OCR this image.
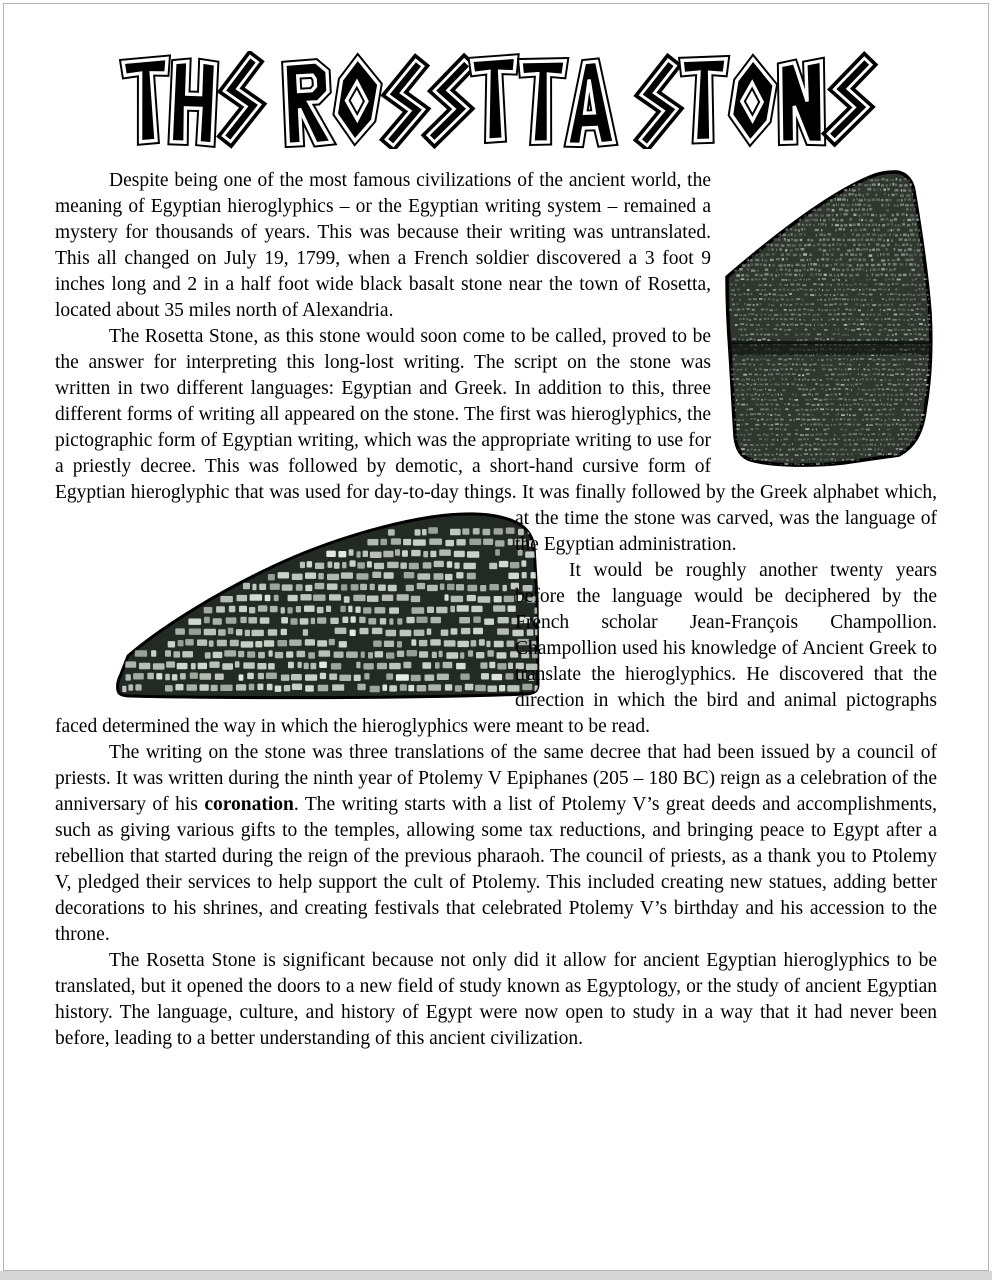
Despite being one of the most famous civilizations of the ancient world, the meaning of Egyptian hieroglyphics – or the Egyptian writing system – remained a mystery for thousands of years. This was because their writing was untranslated. This all changed on July 19, 1799, when a French soldier discovered a 3 foot 9 inches long and 2 in a half foot wide black basalt stone near the town of Rosetta, located about 35 miles north of Alexandria.

The Rosetta Stone, as this stone would soon come to be called, proved to be the answer for interpreting this long-lost writing. The script on the stone was written in two different languages: Egyptian and Greek. In addition to this, three different forms of writing all appeared on the stone. The first was hieroglyphics, the pictographic form of Egyptian writing, which was the appropriate writing to use for a priestly decree. This was followed by demotic, a short-hand cursive form of Egyptian hieroglyphic that was used for day-to-day things. It was finally followed by the Greek alphabet which, at the time the stone was
carved, was the language of the Egyptian administration.

It would be roughly another twenty years before the language would be deciphered by the French scholar Jean-François Champollion. Champollion used his knowledge of Ancient Greek to translate the hieroglyphics. He discovered that the direction in which the bird and animal pictographs faced determined the way in which the hieroglyphics were meant to be read.

The writing on the stone was three translations of the same decree that had been issued by a council of priests. It was written during the ninth year of Ptolemy V Epiphanes (205 – 180 BC) reign as a celebration of the anniversary of his coronation. The writing starts with a list of Ptolemy V’s great deeds and accomplishments, such as giving various gifts to the temples, allowing some tax reductions, and bringing peace to Egypt after a rebellion that started during the reign of the previous pharaoh. The council of priests, as a thank you to Ptolemy V, pledged their services to help support the cult of Ptolemy. This included creating new statues, adding better decorations to his shrines, and creating festivals that celebrated Ptolemy V’s birthday and his accession to the throne.

The Rosetta Stone is significant because not only did it allow for ancient Egyptian hieroglyphics to be translated, but it opened the doors to a new field of study known as Egyptology, or the study of ancient Egyptian history. The language, culture, and history of Egypt were now open to study in a way that it had never been before, leading to a better understanding of this ancient civilization.
